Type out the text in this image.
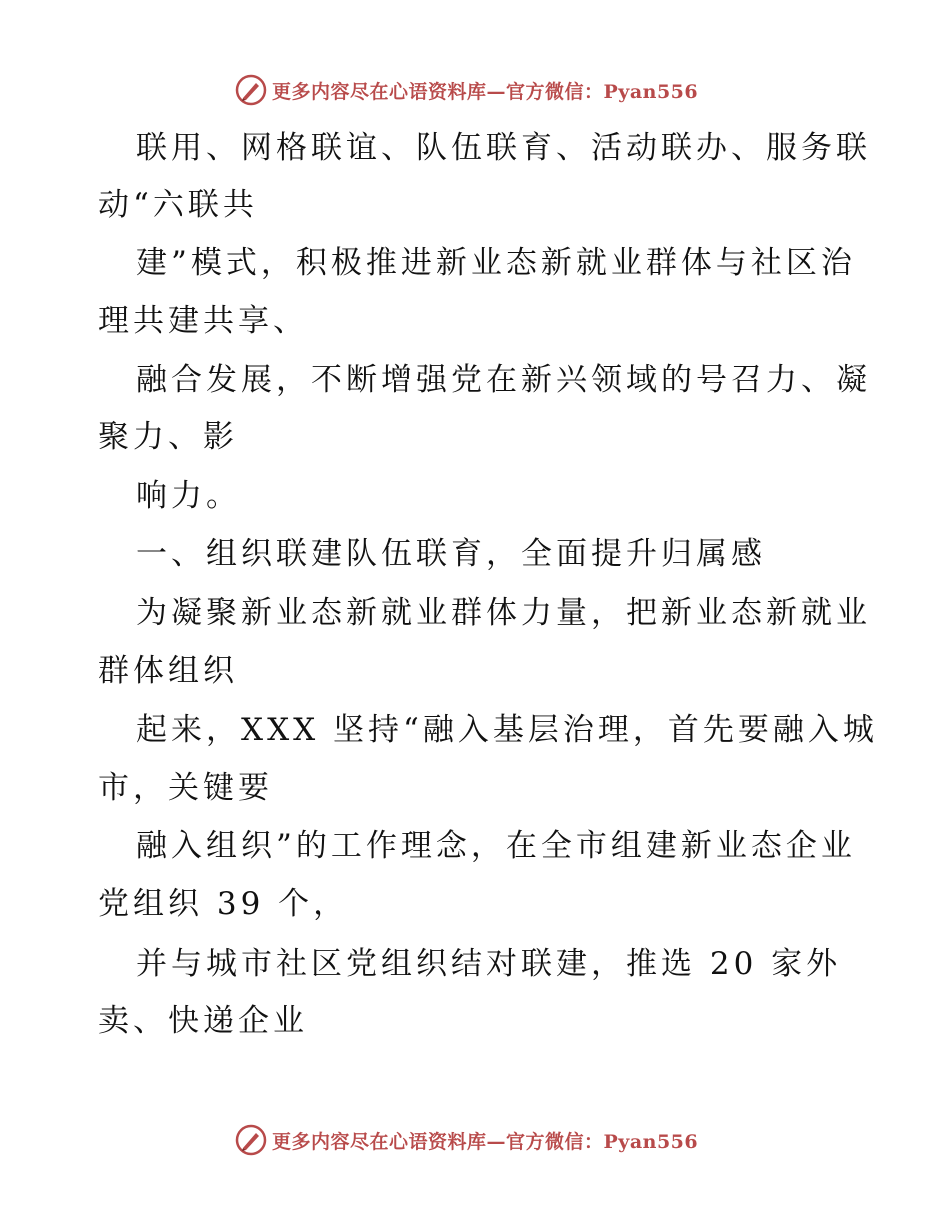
更多内容尽在心语资料库—官方微信：Pyan556
联用、网格联谊、队伍联育、活动联办、服务联
动“六联共
建”模式，积极推进新业态新就业群体与社区治
理共建共享、
融合发展，不断增强党在新兴领域的号召力、凝
聚力、影
响力。
一、组织联建队伍联育，全面提升归属感
为凝聚新业态新就业群体力量，把新业态新就业
群体组织
起来，XXX 坚持“融入基层治理，首先要融入城
市，关键要
融入组织”的工作理念，在全市组建新业态企业
党组织 39 个，
并与城市社区党组织结对联建，推选 20 家外
卖、快递企业
更多内容尽在心语资料库—官方微信：Pyan556
